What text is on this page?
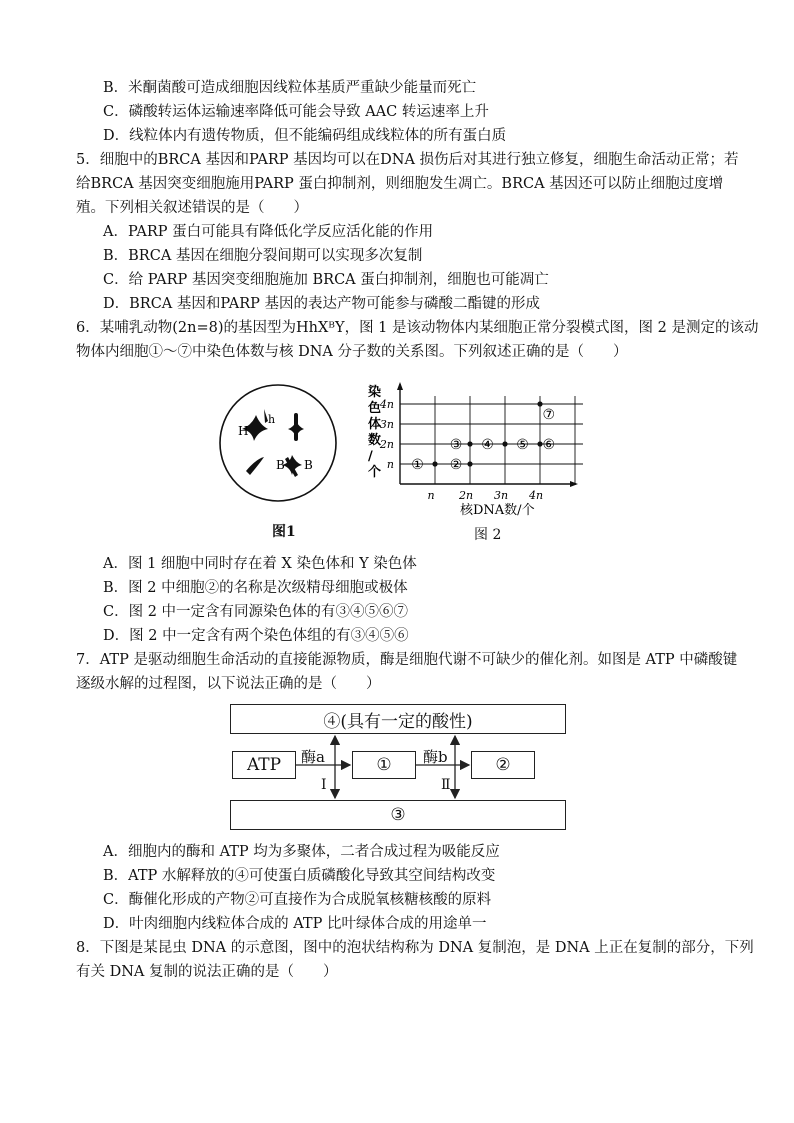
B．米酮菌酸可造成细胞因线粒体基质严重缺少能量而死亡
C．磷酸转运体运输速率降低可能会导致 AAC 转运速率上升
D．线粒体内有遗传物质，但不能编码组成线粒体的所有蛋白质
5．细胞中的BRCA 基因和PARP 基因均可以在DNA 损伤后对其进行独立修复，细胞生命活动正常；若
给BRCA 基因突变细胞施用PARP 蛋白抑制剂，则细胞发生凋亡。BRCA 基因还可以防止细胞过度增
殖。下列相关叙述错误的是（　　）
A．PARP 蛋白可能具有降低化学反应活化能的作用
B．BRCA 基因在细胞分裂间期可以实现多次复制
C．给 PARP 基因突变细胞施加 BRCA 蛋白抑制剂，细胞也可能凋亡
D．BRCA 基因和PARP 基因的表达产物可能参与磷酸二酯键的形成
6．某哺乳动物(2n=8)的基因型为HhXᴮY，图 1 是该动物体内某细胞正常分裂模式图，图 2 是测定的该动
物体内细胞①～⑦中染色体数与核 DNA 分子数的关系图。下列叙述正确的是（　　）
H
h
B B
图1
染
色
体
数
/
个
4n
3n
2n
n
n 2n 3n 4n
① ②
③ ④ ⑤ ⑥
⑦
核DNA数/个
图 2
A．图 1 细胞中同时存在着 X 染色体和 Y 染色体
B．图 2 中细胞②的名称是次级精母细胞或极体
C．图 2 中一定含有同源染色体的有③④⑤⑥⑦
D．图 2 中一定含有两个染色体组的有③④⑤⑥
7．ATP 是驱动细胞生命活动的直接能源物质，酶是细胞代谢不可缺少的催化剂。如图是 ATP 中磷酸键
逐级水解的过程图，以下说法正确的是（　　）
④(具有一定的酸性)
ATP	①	②
③
酶a	酶b
Ⅰ	Ⅱ
A．细胞内的酶和 ATP 均为多聚体，二者合成过程为吸能反应
B．ATP 水解释放的④可使蛋白质磷酸化导致其空间结构改变
C．酶催化形成的产物②可直接作为合成脱氧核糖核酸的原料
D．叶肉细胞内线粒体合成的 ATP 比叶绿体合成的用途单一
8．下图是某昆虫 DNA 的示意图，图中的泡状结构称为 DNA 复制泡，是 DNA 上正在复制的部分，下列
有关 DNA 复制的说法正确的是（　　）
